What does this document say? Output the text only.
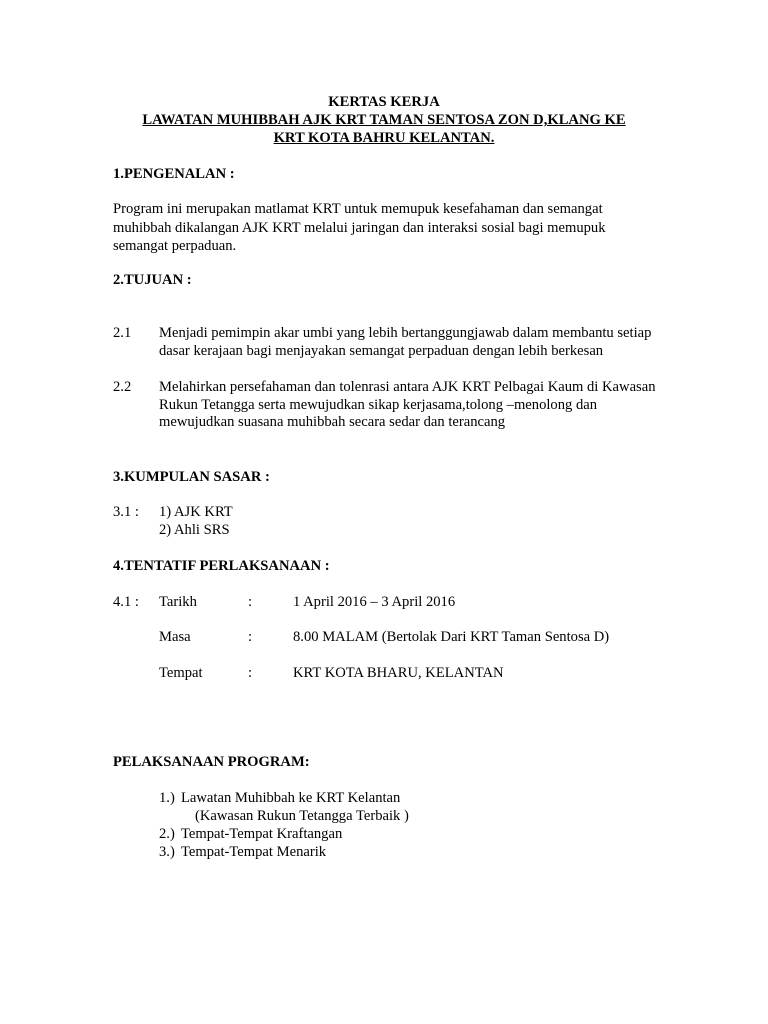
KERTAS KERJA
LAWATAN MUHIBBAH AJK KRT TAMAN SENTOSA ZON D,KLANG KE
KRT KOTA BAHRU KELANTAN.
1.PENGENALAN :
Program ini merupakan matlamat KRT untuk memupuk kesefahaman dan semangat muhibbah dikalangan AJK KRT melalui jaringan dan interaksi sosial bagi memupuk semangat perpaduan.
2.TUJUAN :
2.1 Menjadi pemimpin akar umbi yang lebih bertanggungjawab dalam membantu setiap dasar kerajaan bagi menjayakan semangat perpaduan dengan lebih berkesan
2.2 Melahirkan persefahaman dan tolenrasi antara AJK KRT Pelbagai Kaum di Kawasan Rukun Tetangga serta mewujudkan sikap kerjasama,tolong –menolong dan mewujudkan suasana muhibbah secara sedar dan terancang
3.KUMPULAN SASAR :
3.1 : 1) AJK KRT
2) Ahli SRS
4.TENTATIF PERLAKSANAAN :
4.1 : Tarikh	:	1 April 2016 – 3 April 2016
Masa	:	8.00 MALAM (Bertolak Dari KRT Taman Sentosa D)
Tempat	:	KRT KOTA BHARU, KELANTAN
PELAKSANAAN PROGRAM:
1.) Lawatan Muhibbah ke KRT Kelantan
(Kawasan Rukun Tetangga Terbaik )
2.) Tempat-Tempat Kraftangan
3.) Tempat-Tempat Menarik
